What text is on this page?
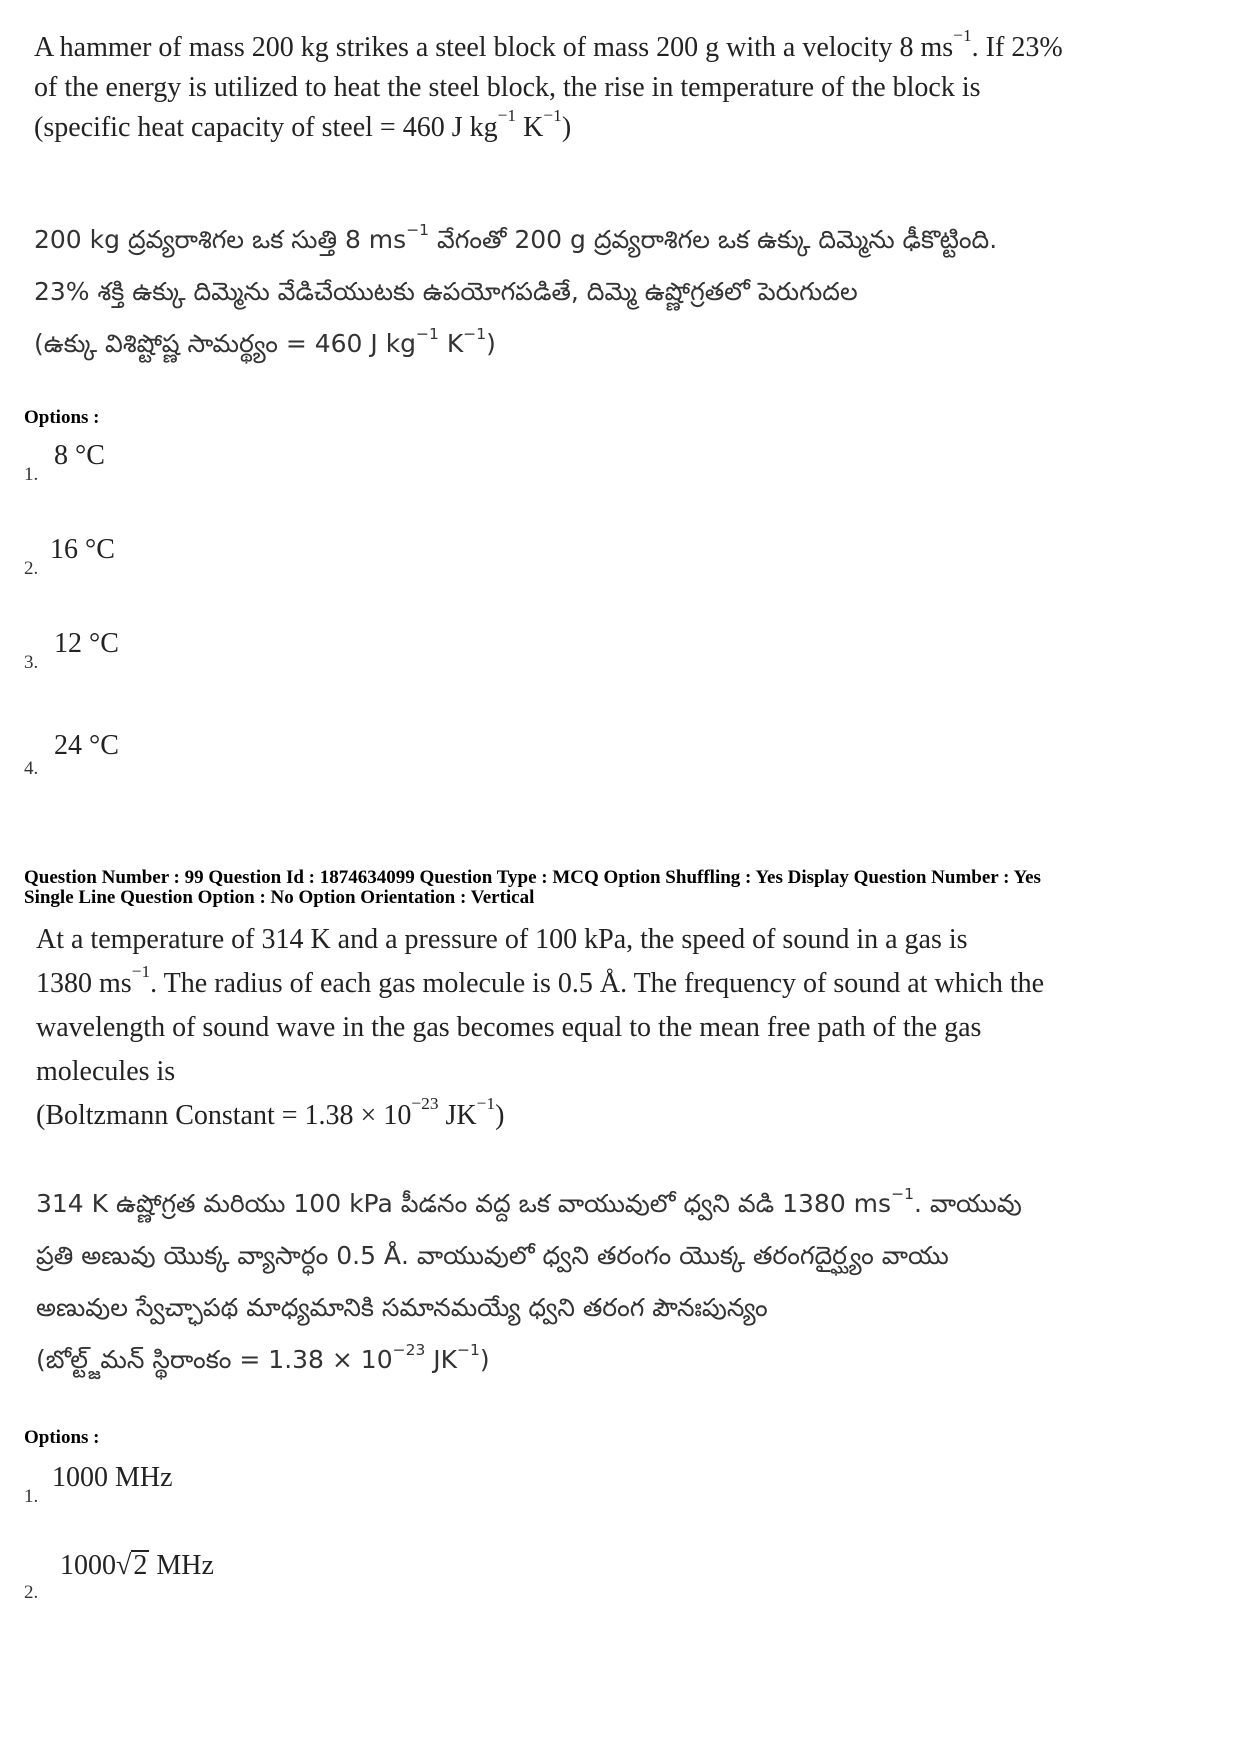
A hammer of mass 200 kg strikes a steel block of mass 200 g with a velocity 8 $ms^{-1}$. If 23%
of the energy is utilized to heat the steel block, the rise in temperature of the block is
(specific heat capacity of steel = 460 J $kg^{-1}$ $K^{-1}$)
200 kg ద్రవ్యరాశిగల ఒక సుత్తి 8 $ms^{-1}$ వేగంతో 200 g ద్రవ్యరాశిగల ఒక ఉక్కు దిమ్మెను ఢీకొట్టింది.
23% శక్తి ఉక్కు దిమ్మెను వేడిచేయుటకు ఉపయోగపడితే, దిమ్మె ఉష్ణోగ్రతలో పెరుగుదల
(ఉక్కు విశిష్టోష్ణ సామర్థ్యం = 460 J $kg^{-1}$ $K^{-1}$)
Options :
1.
8 °C
2.
16 °C
3.
12 °C
4.
24 °C
Question Number : 99 Question Id : 1874634099 Question Type : MCQ Option Shuffling : Yes Display Question Number : Yes
Single Line Question Option : No Option Orientation : Vertical
At a temperature of 314 K and a pressure of 100 kPa, the speed of sound in a gas is
1380 $ms^{-1}$. The radius of each gas molecule is 0.5 Å. The frequency of sound at which the
wavelength of sound wave in the gas becomes equal to the mean free path of the gas
molecules is
(Boltzmann Constant = $1.38 \times 10^{-23}$ $JK^{-1}$)
314 K ఉష్ణోగ్రత మరియు 100 kPa పీడనం వద్ద ఒక వాయువులో ధ్వని వడి 1380 $ms^{-1}$. వాయువు
ప్రతి అణువు యొక్క వ్యాసార్ధం 0.5 Å. వాయువులో ధ్వని తరంగం యొక్క తరంగదైర్ఘ్యం వాయు
అణువుల స్వేచ్ఛాపథ మాధ్యమానికి సమానమయ్యే ధ్వని తరంగ పౌనఃపున్యం
(బోల్ట్జ్‌మన్ స్థిరాంకం = $1.38 \times 10^{-23}$ $JK^{-1}$)
Options :
1.
1000 MHz
2.
1000√2 MHz
